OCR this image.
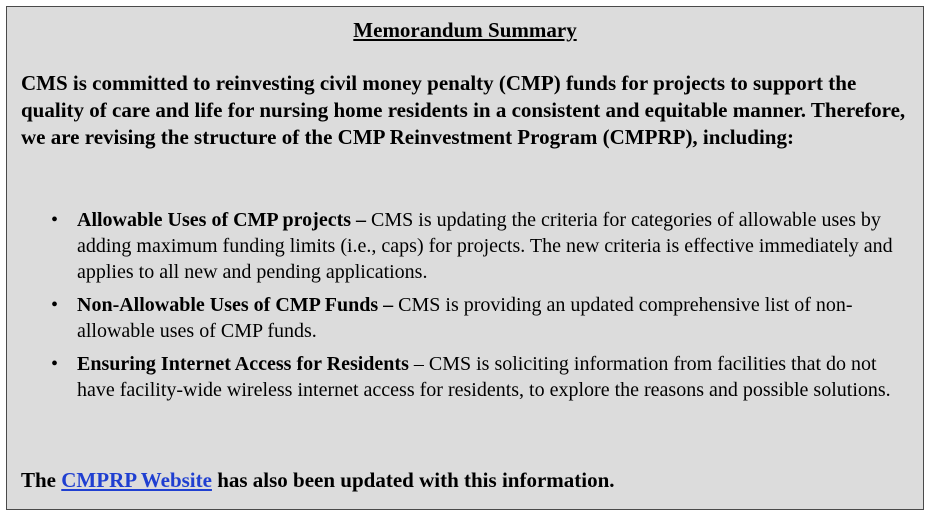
Memorandum Summary

CMS is committed to reinvesting civil money penalty (CMP) funds for projects to support the quality of care and life for nursing home residents in a consistent and equitable manner. Therefore, we are revising the structure of the CMP Reinvestment Program (CMPRP), including:

• Allowable Uses of CMP projects – CMS is updating the criteria for categories of allowable uses by adding maximum funding limits (i.e., caps) for projects. The new criteria is effective immediately and applies to all new and pending applications.
• Non-Allowable Uses of CMP Funds – CMS is providing an updated comprehensive list of non-allowable uses of CMP funds.
• Ensuring Internet Access for Residents – CMS is soliciting information from facilities that do not have facility-wide wireless internet access for residents, to explore the reasons and possible solutions.

The CMPRP Website has also been updated with this information.
